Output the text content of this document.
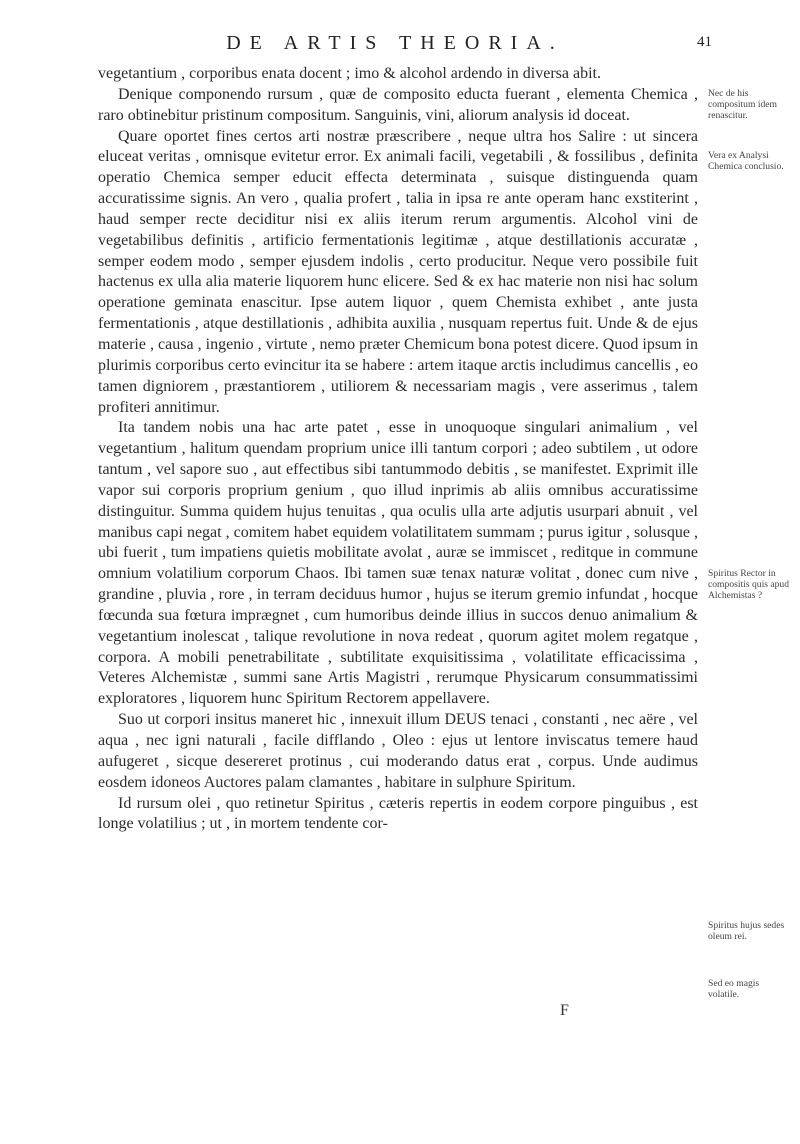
DE ARTIS THEORIA.	41

vegetantium , corporibus enata docent ; imo & alcohol ardendo in diversa abit.

Denique componendo rursum , quæ de composito educta fuerant , elementa Chemica , raro obtinebitur pristinum compositum. Sanguinis, vini, aliorum analysis id doceat.

Quare oportet fines certos arti nostræ præscribere , neque ultra hos Salire : ut sincera eluceat veritas , omnisque evitetur error. Ex animali facili, vegetabili , & fossilibus , definita operatio Chemica semper educit effecta determinata , suisque distinguenda quam accuratissime signis. An vero , qualia profert , talia in ipsa re ante operam hanc exstiterint , haud semper recte deciditur nisi ex aliis iterum rerum argumentis. Alcohol vini de vegetabilibus definitis , artificio fermentationis legitimæ , atque destillationis accuratæ , semper eodem modo , semper ejusdem indolis , certo producitur. Neque vero possibile fuit hactenus ex ulla alia materie liquorem hunc elicere. Sed & ex hac materie non nisi hac solum operatione geminata enascitur. Ipse autem liquor , quem Chemista exhibet , ante justa fermentationis , atque destillationis , adhibita auxilia , nusquam repertus fuit. Unde & de ejus materie , causa , ingenio , virtute , nemo præter Chemicum bona potest dicere. Quod ipsum in plurimis corporibus certo evincitur ita se habere : artem itaque arctis includimus cancellis , eo tamen digniorem , præstantiorem , utiliorem & necessariam magis , vere asserimus , talem profiteri annitimur.

Ita tandem nobis una hac arte patet , esse in unoquoque singulari animalium , vel vegetantium , halitum quendam proprium unice illi tantum corpori ; adeo subtilem , ut odore tantum , vel sapore suo , aut effectibus sibi tantummodo debitis , se manifestet. Exprimit ille vapor sui corporis proprium genium , quo illud inprimis ab aliis omnibus accuratissime distinguitur. Summa quidem hujus tenuitas , qua oculis ulla arte adjutis usurpari abnuit , vel manibus capi negat , comitem habet equidem volatilitatem summam ; purus igitur , solusque , ubi fuerit , tum impatiens quietis mobilitate avolat , auræ se immiscet , reditque in commune omnium volatilium corporum Chaos. Ibi tamen suæ tenax naturæ volitat , donec cum nive , grandine , pluvia , rore , in terram deciduus humor , hujus se iterum gremio infundat , hocque fœcunda sua fœtura imprægnet , cum humoribus deinde illius in succos denuo animalium & vegetantium inolescat , talique revolutione in nova redeat , quorum agitet molem regatque , corpora. A mobili penetrabilitate , subtilitate exquisitissima , volatilitate efficacissima , Veteres Alchemistæ , summi sane Artis Magistri , rerumque Physicarum consummatissimi exploratores , liquorem hunc Spiritum Rectorem appellavere.

Suo ut corpori insitus maneret hic , innexuit illum DEUS tenaci , constanti , nec aëre , vel aqua , nec igni naturali , facile difflando , Oleo : ejus ut lentore inviscatus temere haud aufugeret , sicque desereret protinus , cui moderando datus erat , corpus. Unde audimus eosdem idoneos Auctores palam clamantes , habitare in sulphure Spiritum.

Id rursum olei , quo retinetur Spiritus , cæteris repertis in eodem corpore pinguibus , est longe volatilius ; ut , in mortem tendente cor-

Nec de his compositum idem renascitur.
Vera ex Analysi Chemica conclusio.
Spiritus Rector in compositis quis apud Alchemistas ?
Spiritus hujus sedes oleum rei.
Sed eo magis volatile.
F
